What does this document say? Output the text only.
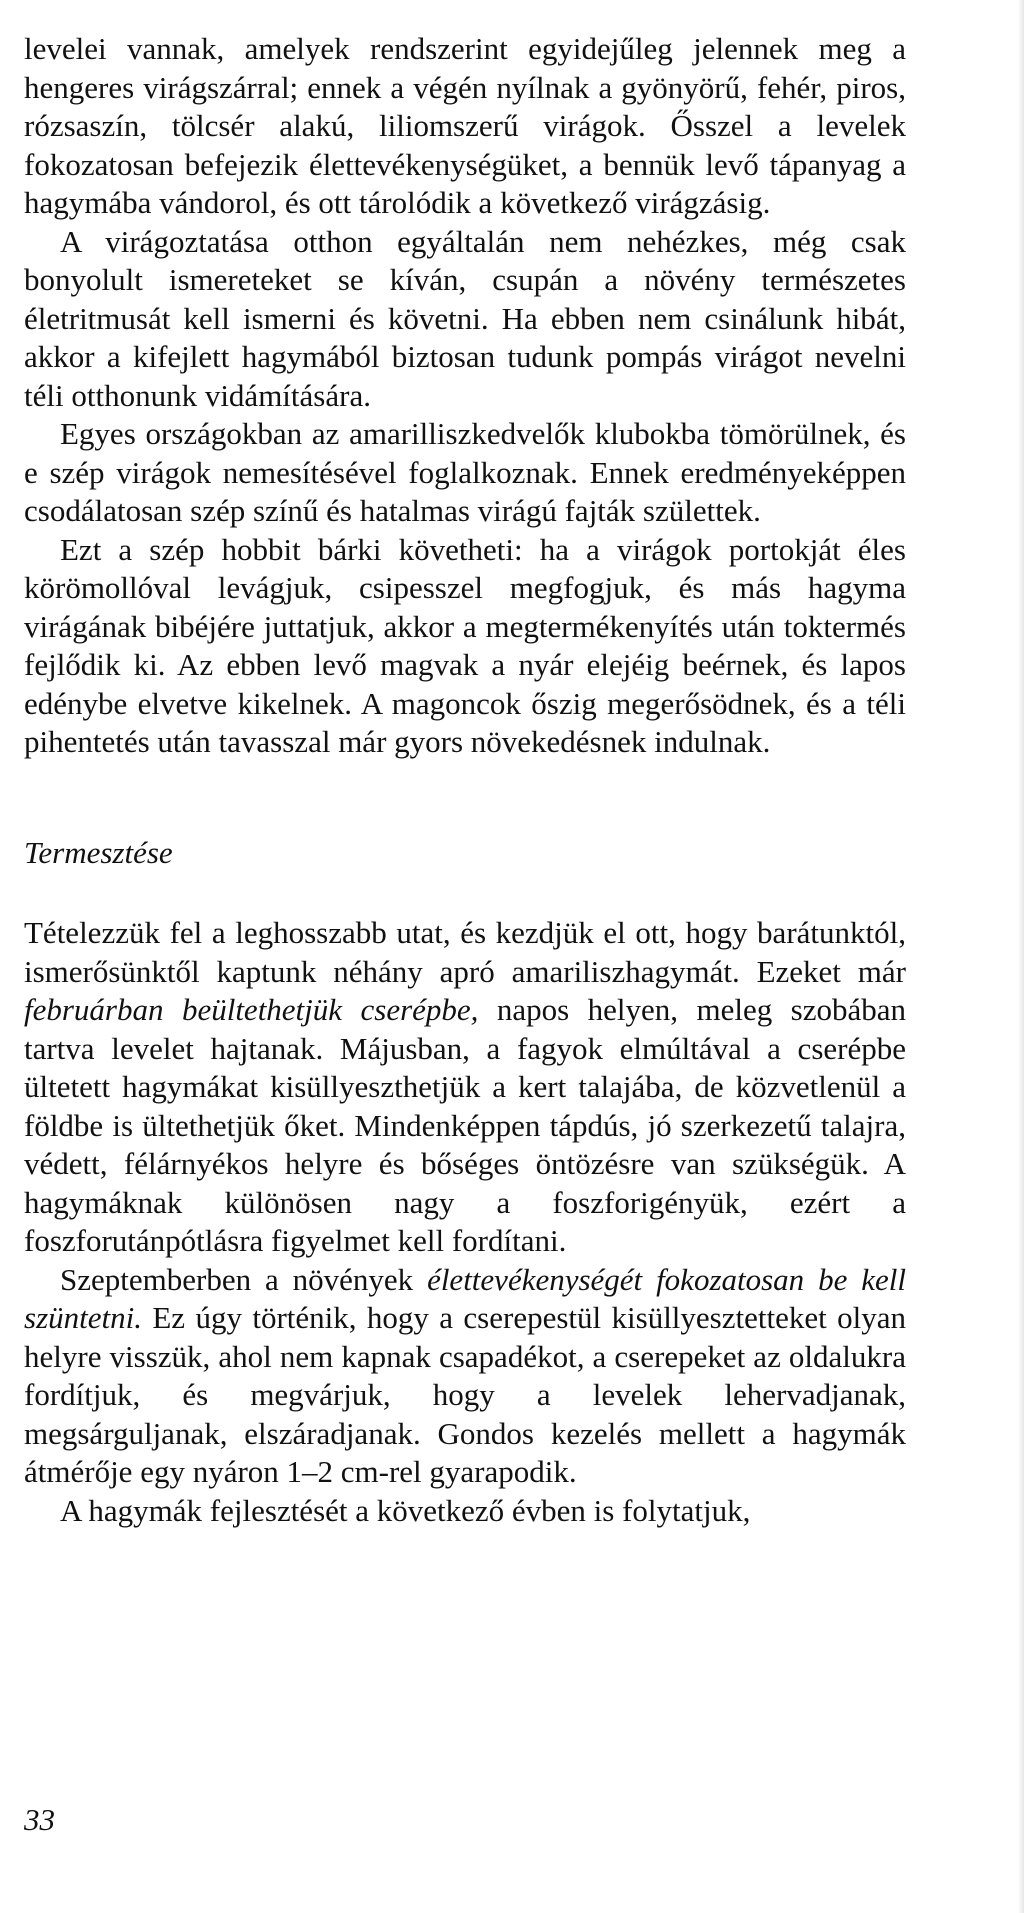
levelei vannak, amelyek rendszerint egyidejűleg jelennek meg a hengeres virágszárral; ennek a végén nyílnak a gyönyörű, fehér, piros, rózsaszín, tölcsér alakú, liliomszerű virágok. Ősszel a levelek fokozatosan befejezik élettevékenységüket, a bennük levő tápanyag a hagymába vándorol, és ott tárolódik a következő virágzásig.

A virágoztatása otthon egyáltalán nem nehézkes, még csak bonyolult ismereteket se kíván, csupán a növény természetes életritmusát kell ismerni és követni. Ha ebben nem csinálunk hibát, akkor a kifejlett hagymából biztosan tudunk pompás virágot nevelni téli otthonunk vidámítására.

Egyes országokban az amarilliszkedvelők klubokba tömörülnek, és e szép virágok nemesítésével foglalkoznak. Ennek eredményeképpen csodálatosan szép színű és hatalmas virágú fajták születtek.

Ezt a szép hobbit bárki követheti: ha a virágok portokját éles körömollóval levágjuk, csipesszel megfogjuk, és más hagyma virágának bibéjére juttatjuk, akkor a megtermékenyítés után toktermés fejlődik ki. Az ebben levő magvak a nyár elejéig beérnek, és lapos edénybe elvetve kikelnek. A magoncok őszig megerősödnek, és a téli pihentetés után tavasszal már gyors növekedésnek indulnak.

Termesztése

Tételezzük fel a leghosszabb utat, és kezdjük el ott, hogy barátunktól, ismerősünktől kaptunk néhány apró amariliszhagymát. Ezeket már februárban beültethetjük cserépbe, napos helyen, meleg szobában tartva levelet hajtanak. Májusban, a fagyok elmúltával a cserépbe ültetett hagymákat kisüllyeszthetjük a kert talajába, de közvetlenül a földbe is ültethetjük őket. Mindenképpen tápdús, jó szerkezetű talajra, védett, félárnyékos helyre és bőséges öntözésre van szükségük. A hagymáknak különösen nagy a foszforigényük, ezért a foszforutánpótlásra figyelmet kell fordítani.

Szeptemberben a növények élettevékenységét fokozatosan be kell szüntetni. Ez úgy történik, hogy a cserepestül kisüllyesztetteket olyan helyre visszük, ahol nem kapnak csapadékot, a cserepeket az oldalukra fordítjuk, és megvárjuk, hogy a levelek lehervadjanak, megsárguljanak, elszáradjanak. Gondos kezelés mellett a hagymák átmérője egy nyáron 1–2 cm-rel gyarapodik.

A hagymák fejlesztését a következő évben is folytatjuk,

33
